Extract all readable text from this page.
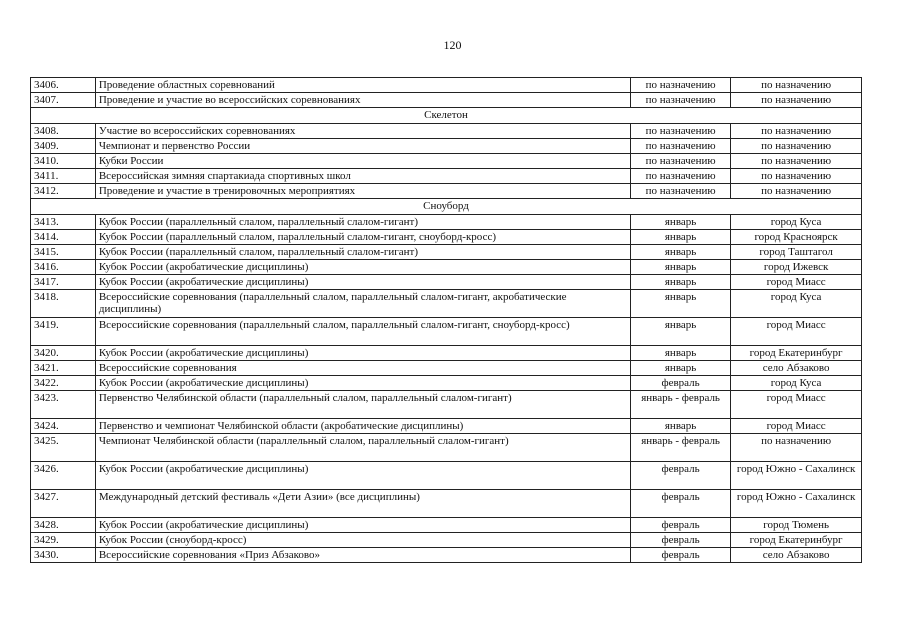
120
3406.	Проведение областных соревнований	по назначению	по назначению
3407.	Проведение и участие во всероссийских соревнованиях	по назначению	по назначению
Скелетон			
3408.	Участие во всероссийских соревнованиях	по назначению	по назначению
3409.	Чемпионат и первенство России	по назначению	по назначению
3410.	Кубки России	по назначению	по назначению
3411.	Всероссийская зимняя спартакиада спортивных школ	по назначению	по назначению
3412.	Проведение и участие в тренировочных мероприятиях	по назначению	по назначению
Сноуборд			
3413.	Кубок России (параллельный слалом, параллельный слалом-гигант)	январь	город Куса
3414.	Кубок России (параллельный слалом, параллельный слалом-гигант, сноуборд-кросс)	январь	город Красноярск
3415.	Кубок России (параллельный слалом, параллельный слалом-гигант)	январь	город Таштагол
3416.	Кубок России (акробатические дисциплины)	январь	город Ижевск
3417.	Кубок России (акробатические дисциплины)	январь	город Миасс
3418.	Всероссийские соревнования (параллельный слалом, параллельный слалом-гигант, акробатические дисциплины)	январь	город Куса
3419.	Всероссийские соревнования (параллельный слалом, параллельный слалом-гигант, сноуборд-кросс)	январь	город Миасс
3420.	Кубок России (акробатические дисциплины)	январь	город Екатеринбург
3421.	Всероссийские соревнования	январь	село Абзаково
3422.	Кубок России (акробатические дисциплины)	февраль	город Куса
3423.	Первенство Челябинской области (параллельный слалом, параллельный слалом-гигант)	январь - февраль	город Миасс
3424.	Первенство и чемпионат Челябинской области (акробатические дисциплины)	январь	город Миасс
3425.	Чемпионат Челябинской области (параллельный слалом, параллельный слалом-гигант)	январь - февраль	по назначению
3426.	Кубок России (акробатические дисциплины)	февраль	город Южно - Сахалинск
3427.	Международный детский фестиваль «Дети Азии» (все дисциплины)	февраль	город Южно - Сахалинск
3428.	Кубок России (акробатические дисциплины)	февраль	город Тюмень
3429.	Кубок России (сноуборд-кросс)	февраль	город Екатеринбург
3430.	Всероссийские соревнования «Приз Абзаково»	февраль	село Абзаково
